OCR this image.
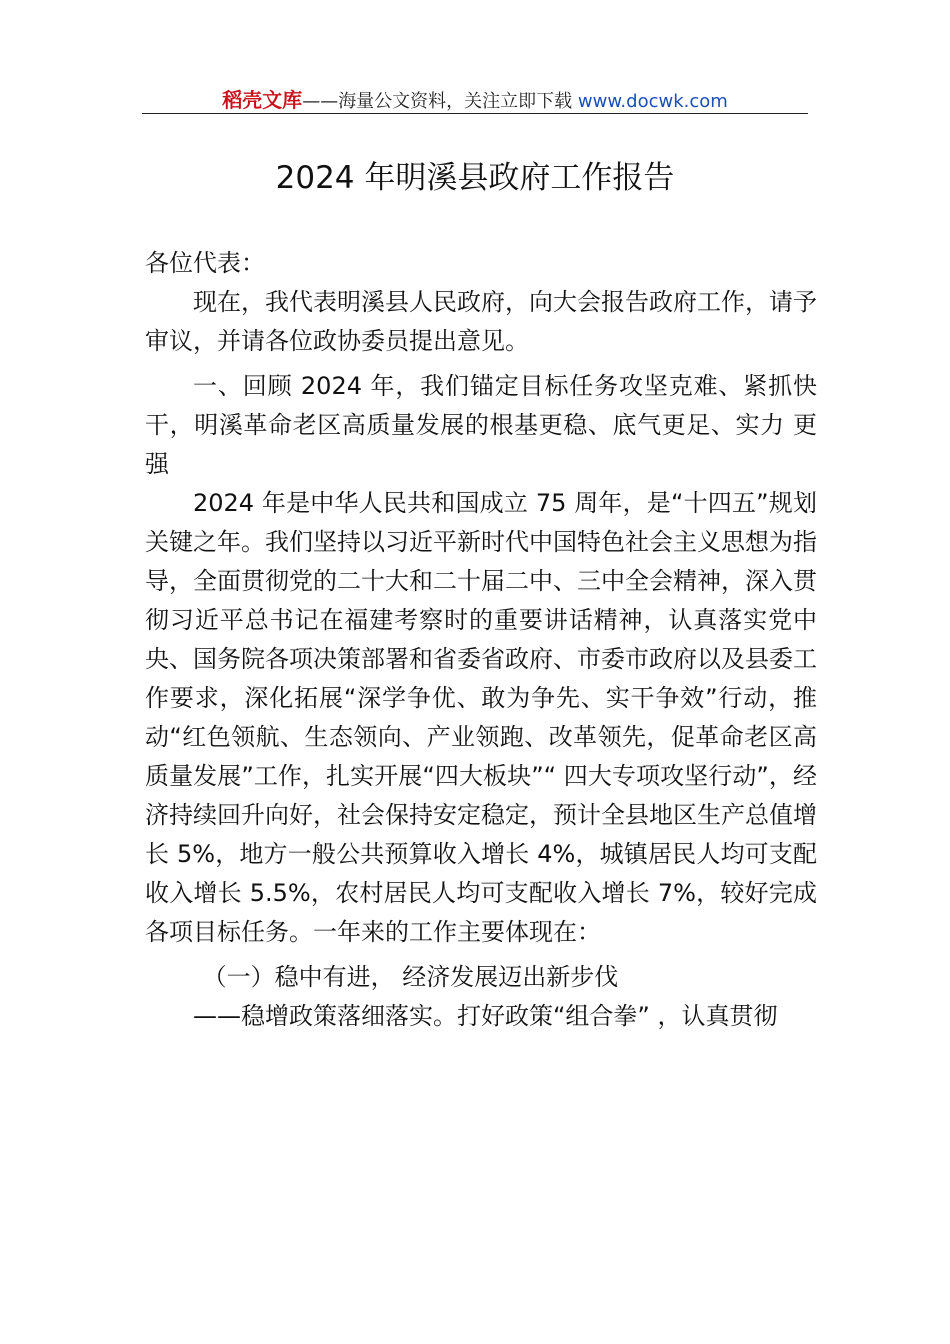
稻壳文库——海量公文资料，关注立即下载 www.docwk.com
2024 年明溪县政府工作报告

各位代表：

现在，我代表明溪县人民政府，向大会报告政府工作，请予审议，并请各位政协委员提出意见。

一、回顾 2024 年，我们锚定目标任务攻坚克难、紧抓快 干，明溪革命老区高质量发展的根基更稳、底气更足、实力 更强

2024 年是中华人民共和国成立 75 周年，是“十四五”规划关键之年。我们坚持以习近平新时代中国特色社会主义思想为指导，全面贯彻党的二十大和二十届二中、三中全会精神，深入贯彻习近平总书记在福建考察时的重要讲话精神，认真落实党中央、国务院各项决策部署和省委省政府、市委市政府以及县委工作要求，深化拓展“深学争优、敢为争先、实干争效”行动，推动“红色领航、生态领向、产业领跑、改革领先，促革命老区高质量发展”工作，扎实开展“四大板块”“ 四大专项攻坚行动”，经济持续回升向好，社会保持安定稳定，预计全县地区生产总值增长 5%，地方一般公共预算收入增长 4%，城镇居民人均可支配收入增长 5.5%，农村居民人均可支配收入增长 7%，较好完成各项目标任务。一年来的工作主要体现在：

（一）稳中有进， 经济发展迈出新步伐

——稳增政策落细落实。打好政策“组合拳” ，认真贯彻
